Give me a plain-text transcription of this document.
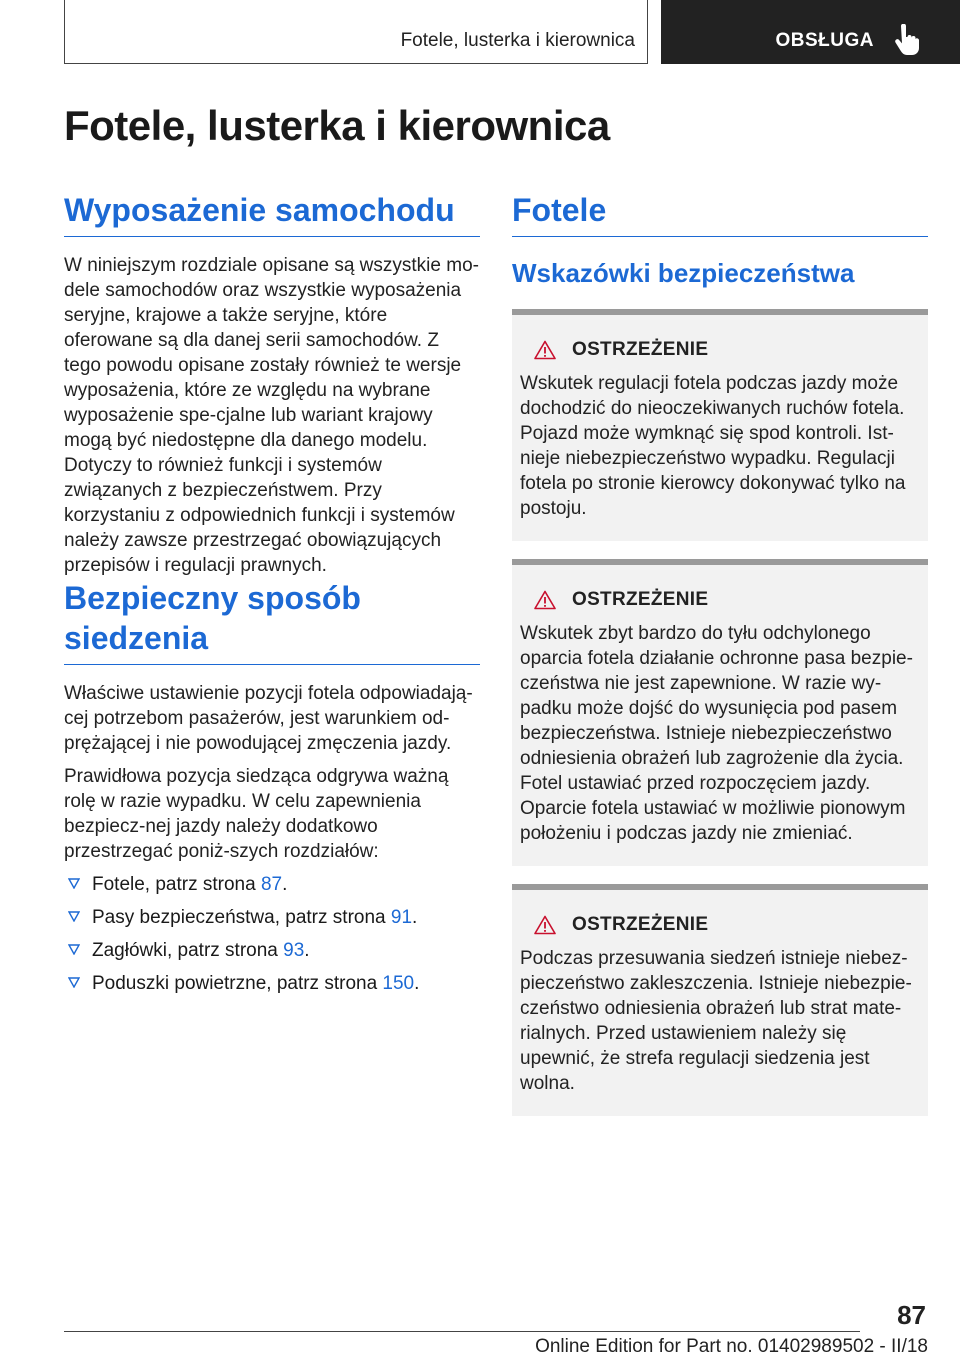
Fotele, lusterka i kierownica	OBSŁUGA
Fotele, lusterka i kierownica
Wyposażenie samochodu

W niniejszym rozdziale opisane są wszystkie mo-dele samochodów oraz wszystkie wyposażenia seryjne, krajowe a także seryjne, które oferowane są dla danej serii samochodów. Z tego powodu opisane zostały również te wersje wyposażenia, które ze względu na wybrane wyposażenie spe-cjalne lub wariant krajowy mogą być niedostępne dla danego modelu. Dotyczy to również funkcji i systemów związanych z bezpieczeństwem. Przy korzystaniu z odpowiednich funkcji i systemów należy zawsze przestrzegać obowiązujących przepisów i regulacji prawnych.

Bezpieczny sposób siedzenia

Właściwe ustawienie pozycji fotela odpowiadają-cej potrzebom pasażerów, jest warunkiem od-prężającej i nie powodującej zmęczenia jazdy.

Prawidłowa pozycja siedząca odgrywa ważną rolę w razie wypadku. W celu zapewnienia bezpiecz-nej jazdy należy dodatkowo przestrzegać poniż-szych rozdziałów:

Fotele, patrz strona 87.
Pasy bezpieczeństwa, patrz strona 91.
Zagłówki, patrz strona 93.
Poduszki powietrzne, patrz strona 150.
Fotele
Wskazówki bezpieczeństwa
OSTRZEŻENIE

Wskutek regulacji fotela podczas jazdy może dochodzić do nieoczekiwanych ruchów fotela. Pojazd może wymknąć się spod kontroli. Ist-nieje niebezpieczeństwo wypadku. Regulacji fotela po stronie kierowcy dokonywać tylko na postoju.

OSTRZEŻENIE

Wskutek zbyt bardzo do tyłu odchylonego oparcia fotela działanie ochronne pasa bezpie-czeństwa nie jest zapewnione. W razie wy-padku może dojść do wysunięcia pod pasem bezpieczeństwa. Istnieje niebezpieczeństwo odniesienia obrażeń lub zagrożenie dla życia. Fotel ustawiać przed rozpoczęciem jazdy. Oparcie fotela ustawiać w możliwie pionowym położeniu i podczas jazdy nie zmieniać.

OSTRZEŻENIE

Podczas przesuwania siedzeń istnieje niebez-pieczeństwo zakleszczenia. Istnieje niebezpie-czeństwo odniesienia obrażeń lub strat mate-rialnych. Przed ustawieniem należy się upewnić, że strefa regulacji siedzenia jest wolna.

87
Online Edition for Part no. 01402989502 - II/18
